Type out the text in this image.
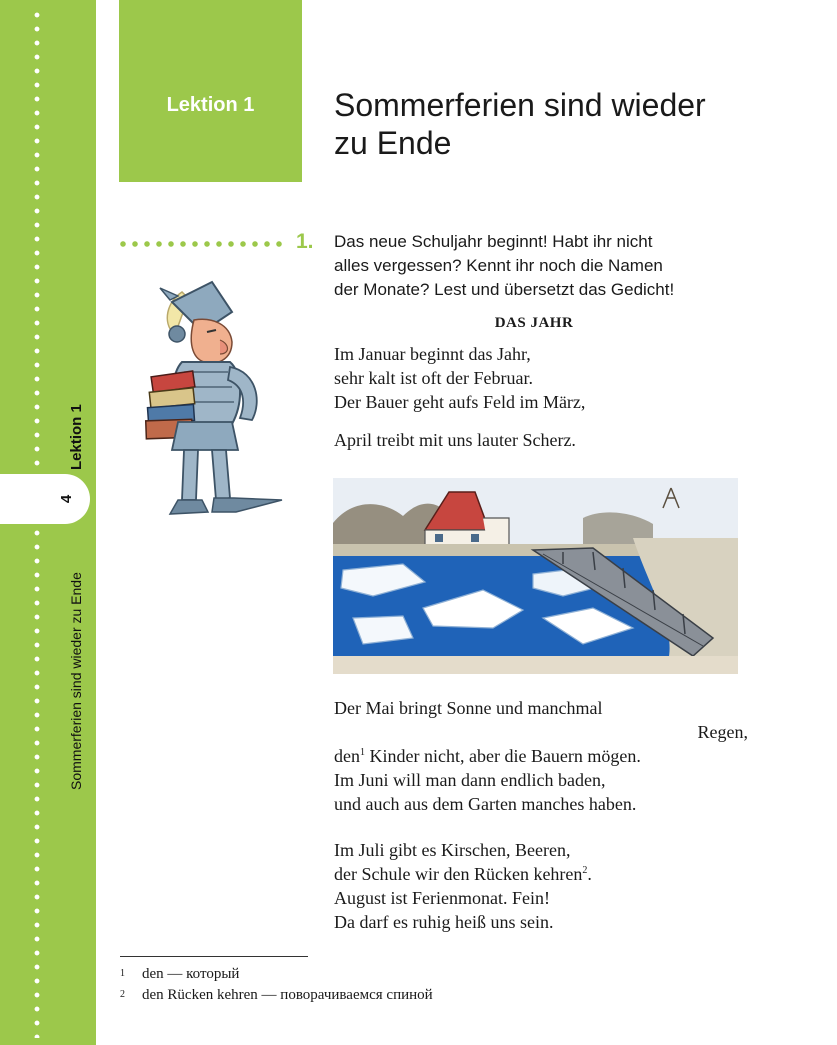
4
Lektion 1
Sommerferien sind wieder zu Ende
Lektion 1	Sommerferien sind wieder
zu Ende
1. Das neue Schuljahr beginnt! Habt ihr nicht
alles vergessen? Kennt ihr noch die Namen
der Monate? Lest und übersetzt das Gedicht!

DAS JAHR
Im Januar beginnt das Jahr,
sehr kalt ist oft der Februar.
Der Bauer geht aufs Feld im März,
April treibt mit uns lauter Scherz.
Der Mai bringt Sonne und manchmal
Regen,
den$^1$ Kinder nicht, aber die Bauern mögen.
Im Juni will man dann endlich baden,
und auch aus dem Garten manches haben.
Im Juli gibt es Kirschen, Beeren,
der Schule wir den Rücken kehren$^2$.
August ist Ferienmonat. Fein!
Da darf es ruhig heiß uns sein.
1 den — который
2 den Rücken kehren — поворачиваемся спиной
